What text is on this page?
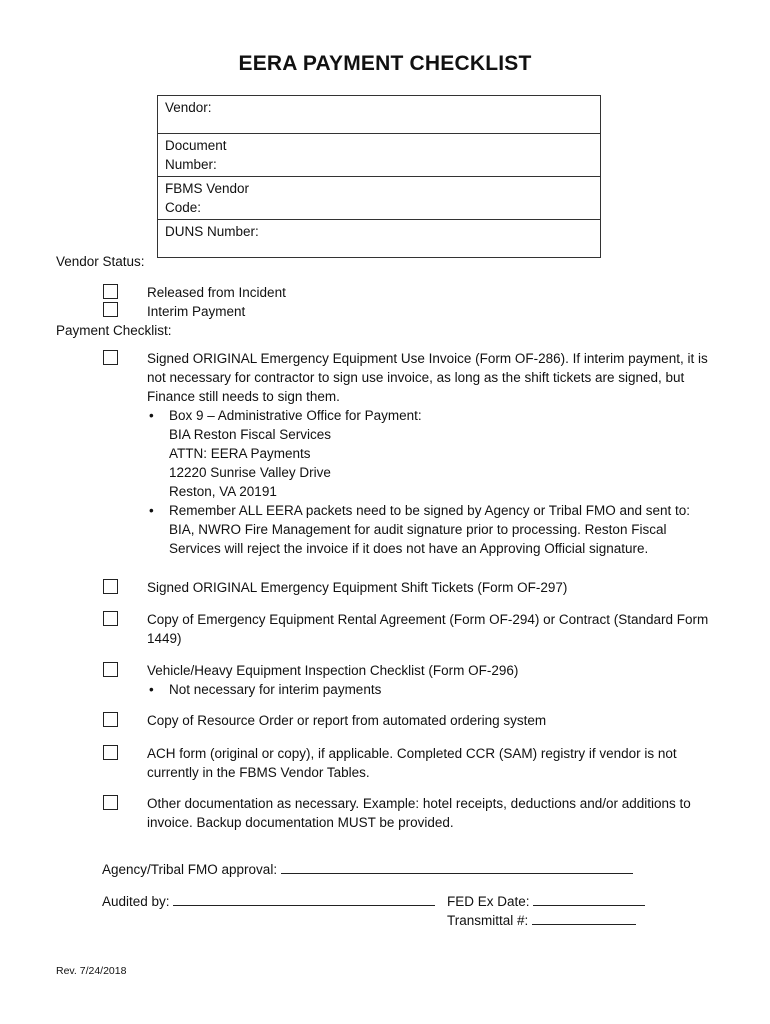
EERA PAYMENT CHECKLIST
Vendor:

Document Number:

FBMS Vendor Code:

DUNS Number:
Vendor Status:
Released from Incident
Interim Payment
Payment Checklist:
Signed ORIGINAL Emergency Equipment Use Invoice (Form OF-286). If interim payment, it is not necessary for contractor to sign use invoice, as long as the shift tickets are signed, but Finance still needs to sign them.
• Box 9 – Administrative Office for Payment:
BIA Reston Fiscal Services
ATTN: EERA Payments
12220 Sunrise Valley Drive
Reston, VA 20191
• Remember ALL EERA packets need to be signed by Agency or Tribal FMO and sent to: BIA, NWRO Fire Management for audit signature prior to processing. Reston Fiscal Services will reject the invoice if it does not have an Approving Official signature.
Signed ORIGINAL Emergency Equipment Shift Tickets (Form OF-297)
Copy of Emergency Equipment Rental Agreement (Form OF-294) or Contract (Standard Form 1449)
Vehicle/Heavy Equipment Inspection Checklist (Form OF-296)
• Not necessary for interim payments
Copy of Resource Order or report from automated ordering system
ACH form (original or copy), if applicable. Completed CCR (SAM) registry if vendor is not currently in the FBMS Vendor Tables.
Other documentation as necessary. Example: hotel receipts, deductions and/or additions to invoice. Backup documentation MUST be provided.
Agency/Tribal FMO approval:
Audited by:	FED Ex Date:
Transmittal #:
Rev. 7/24/2018
